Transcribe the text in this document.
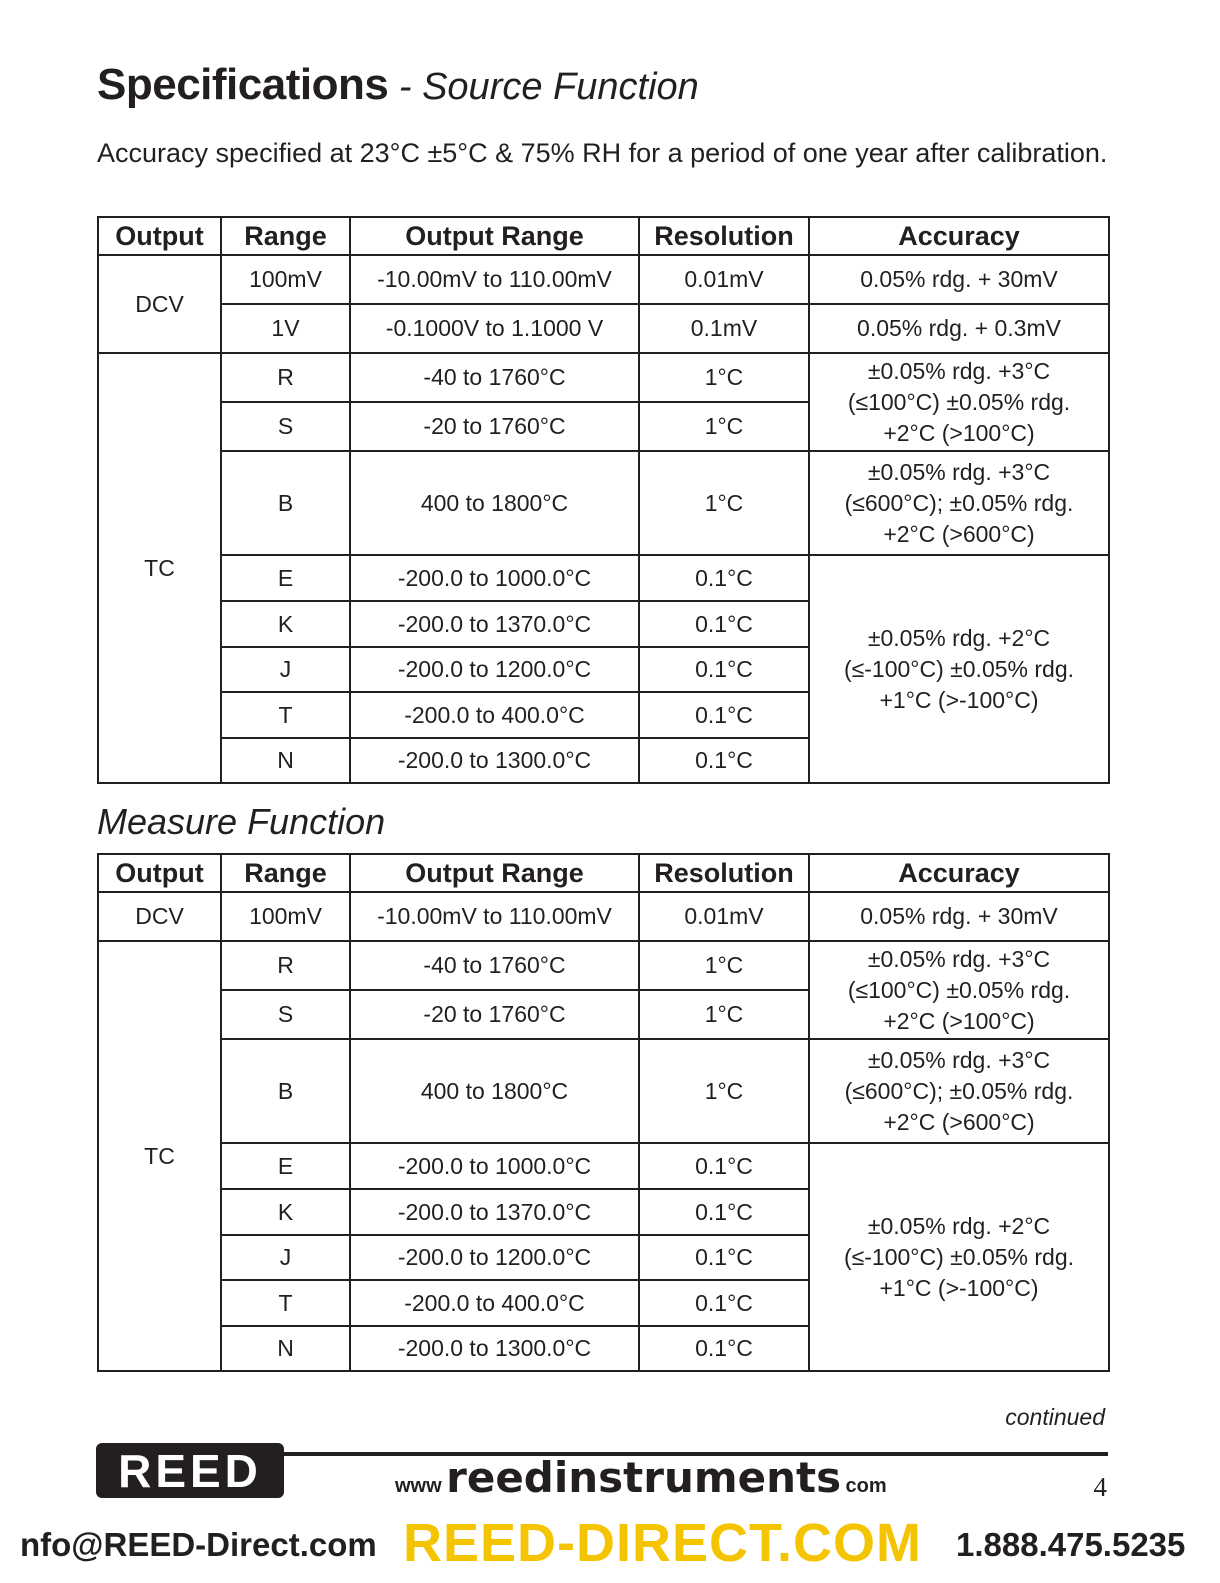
Specifications - Source Function

Accuracy specified at 23°C ±5°C & 75% RH for a period of one year after calibration.

Output	Range	Output Range	Resolution	Accuracy
DCV	100mV	-10.00mV to 110.00mV	0.01mV	0.05% rdg. + 30mV
	1V	-0.1000V to 1.1000 V	0.1mV	0.05% rdg. + 0.3mV
TC	R	-40 to 1760°C	1°C	±0.05% rdg. +3°C
(≤100°C) ±0.05% rdg.
+2°C (>100°C)

	S	-20 to 1760°C	1°C	
	B	400 to 1800°C	1°C	±0.05% rdg. +3°C
(≤600°C); ±0.05% rdg.
+2°C (>600°C)

	E	-200.0 to 1000.0°C	0.1°C	±0.05% rdg. +2°C
(≤-100°C) ±0.05% rdg.
+1°C (>-100°C)

	K	-200.0 to 1370.0°C	0.1°C	
	J	-200.0 to 1200.0°C	0.1°C	
	T	-200.0 to 400.0°C	0.1°C	
	N	-200.0 to 1300.0°C	0.1°C	
Measure Function
Output	Range	Output Range	Resolution	Accuracy
DCV	100mV	-10.00mV to 110.00mV	0.01mV	0.05% rdg. + 30mV
TC	R	-40 to 1760°C	1°C	±0.05% rdg. +3°C
(≤100°C) ±0.05% rdg.
+2°C (>100°C)

	S	-20 to 1760°C	1°C	
	B	400 to 1800°C	1°C	±0.05% rdg. +3°C
(≤600°C); ±0.05% rdg.
+2°C (>600°C)

	E	-200.0 to 1000.0°C	0.1°C	±0.05% rdg. +2°C
(≤-100°C) ±0.05% rdg.
+1°C (>-100°C)

	K	-200.0 to 1370.0°C	0.1°C	
	J	-200.0 to 1200.0°C	0.1°C	
	T	-200.0 to 400.0°C	0.1°C	
	N	-200.0 to 1300.0°C	0.1°C	
continued
REED	www reedinstruments com	4
nfo@REED-Direct.com REED-DIRECT.COM 1.888.475.5235
